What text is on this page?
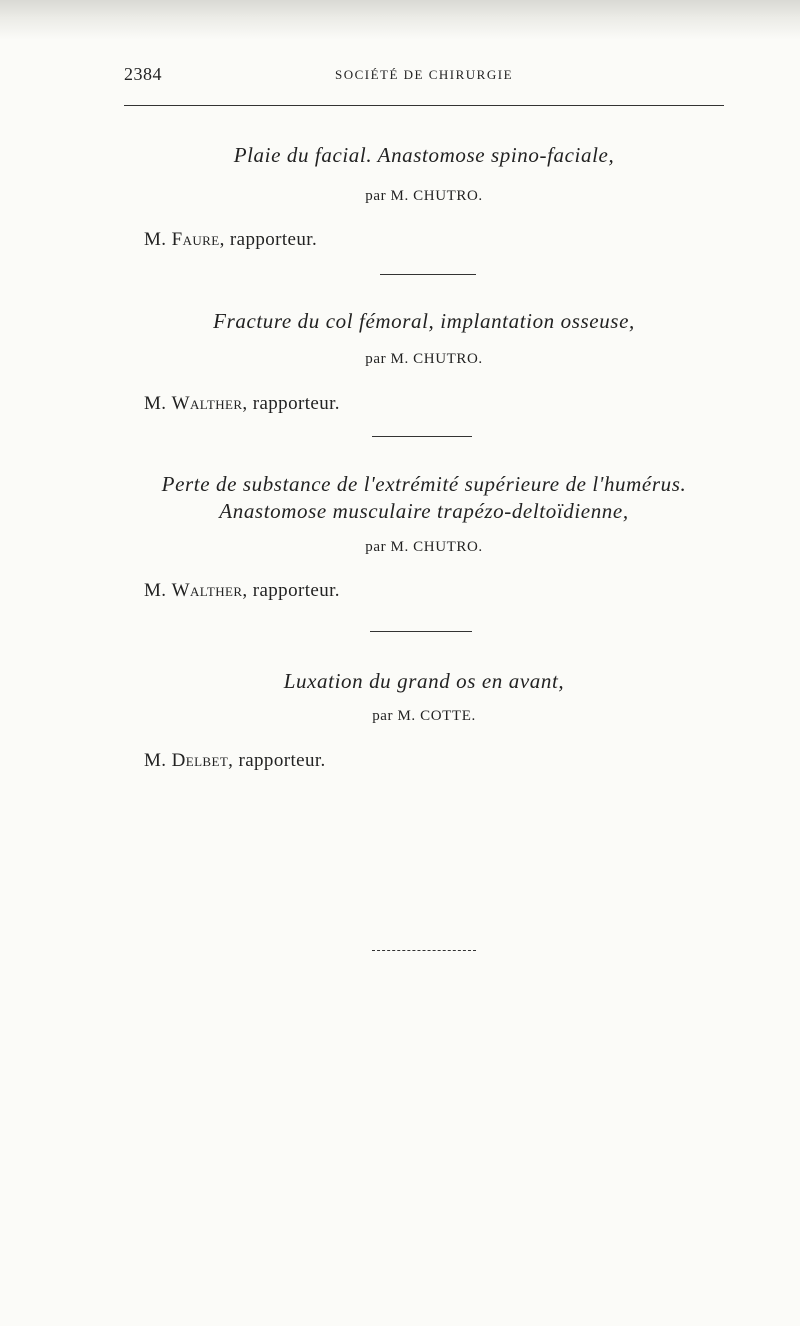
2384	SOCIÉTÉ DE CHIRURGIE
Plaie du facial. Anastomose spino-faciale,
par M. CHUTRO.
M. Faure, rapporteur.
Fracture du col fémoral, implantation osseuse,
par M. CHUTRO.
M. Walther, rapporteur.
Perte de substance de l'extrémité supérieure de l'humérus.
Anastomose musculaire trapézo-deltoïdienne,
par M. CHUTRO.
M. Walther, rapporteur.
Luxation du grand os en avant,
par M. COTTE.
M. Delbet, rapporteur.
